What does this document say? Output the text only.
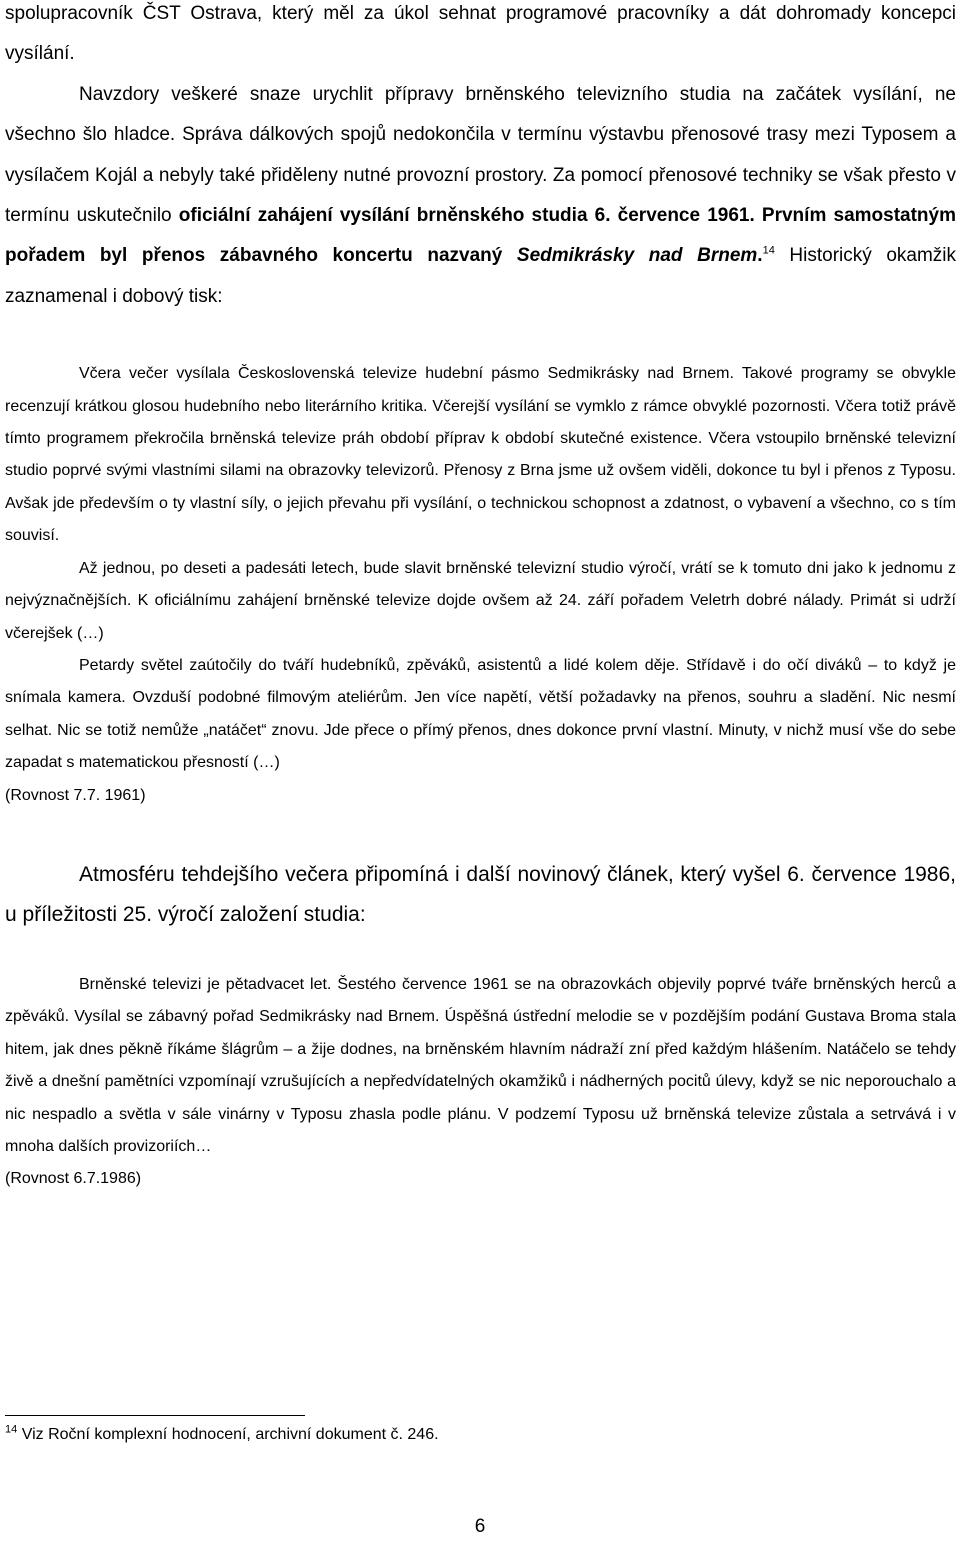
spolupracovník ČST Ostrava, který měl za úkol sehnat programové pracovníky a dát dohromady koncepci vysílání.

Navzdory veškeré snaze urychlit přípravy brněnského televizního studia na začátek vysílání, ne všechno šlo hladce. Správa dálkových spojů nedokončila v termínu výstavbu přenosové trasy mezi Typosem a vysílačem Kojál a nebyly také přiděleny nutné provozní prostory. Za pomocí přenosové techniky se však přesto v termínu uskutečnilo oficiální zahájení vysílání brněnského studia 6. července 1961. Prvním samostatným pořadem byl přenos zábavného koncertu nazvaný Sedmikrásky nad Brnem.$^{14}$ Historický okamžik zaznamenal i dobový tisk:

Včera večer vysílala Československá televize hudební pásmo Sedmikrásky nad Brnem. Takové programy se obvykle recenzují krátkou glosou hudebního nebo literárního kritika. Včerejší vysílání se vymklo z rámce obvyklé pozornosti. Včera totiž právě tímto programem překročila brněnská televize práh období příprav k období skutečné existence. Včera vstoupilo brněnské televizní studio poprvé svými vlastními silami na obrazovky televizorů. Přenosy z Brna jsme už ovšem viděli, dokonce tu byl i přenos z Typosu. Avšak jde především o ty vlastní síly, o jejich převahu při vysílání, o technickou schopnost a zdatnost, o vybavení a všechno, co s tím souvisí.

Až jednou, po deseti a padesáti letech, bude slavit brněnské televizní studio výročí, vrátí se k tomuto dni jako k jednomu z nejvýznačnějších. K oficiálnímu zahájení brněnské televize dojde ovšem až 24. září pořadem Veletrh dobré nálady. Primát si udrží včerejšek (…)

Petardy světel zaútočily do tváří hudebníků, zpěváků, asistentů a lidé kolem děje. Střídavě i do očí diváků – to když je snímala kamera. Ovzduší podobné filmovým ateliérům. Jen více napětí, větší požadavky na přenos, souhru a sladění. Nic nesmí selhat. Nic se totiž nemůže „natáčet“ znovu. Jde přece o přímý přenos, dnes dokonce první vlastní. Minuty, v nichž musí vše do sebe zapadat s matematickou přesností (…)

(Rovnost 7.7. 1961)

Atmosféru tehdejšího večera připomíná i další novinový článek, který vyšel 6. července 1986, u příležitosti 25. výročí založení studia:

Brněnské televizi je pětadvacet let. Šestého července 1961 se na obrazovkách objevily poprvé tváře brněnských herců a zpěváků. Vysílal se zábavný pořad Sedmikrásky nad Brnem. Úspěšná ústřední melodie se v pozdějším podání Gustava Broma stala hitem, jak dnes pěkně říkáme šlágrům – a žije dodnes, na brněnském hlavním nádraží zní před každým hlášením. Natáčelo se tehdy živě a dnešní pamětníci vzpomínají vzrušujících a nepředvídatelných okamžiků i nádherných pocitů úlevy, když se nic neporouchalo a nic nespadlo a světla v sále vinárny v Typosu zhasla podle plánu. V podzemí Typosu už brněnská televize zůstala a setrvává i v mnoha dalších provizoriích…

(Rovnost 6.7.1986)

$^{14}$ Viz Roční komplexní hodnocení, archivní dokument č. 246.
6
